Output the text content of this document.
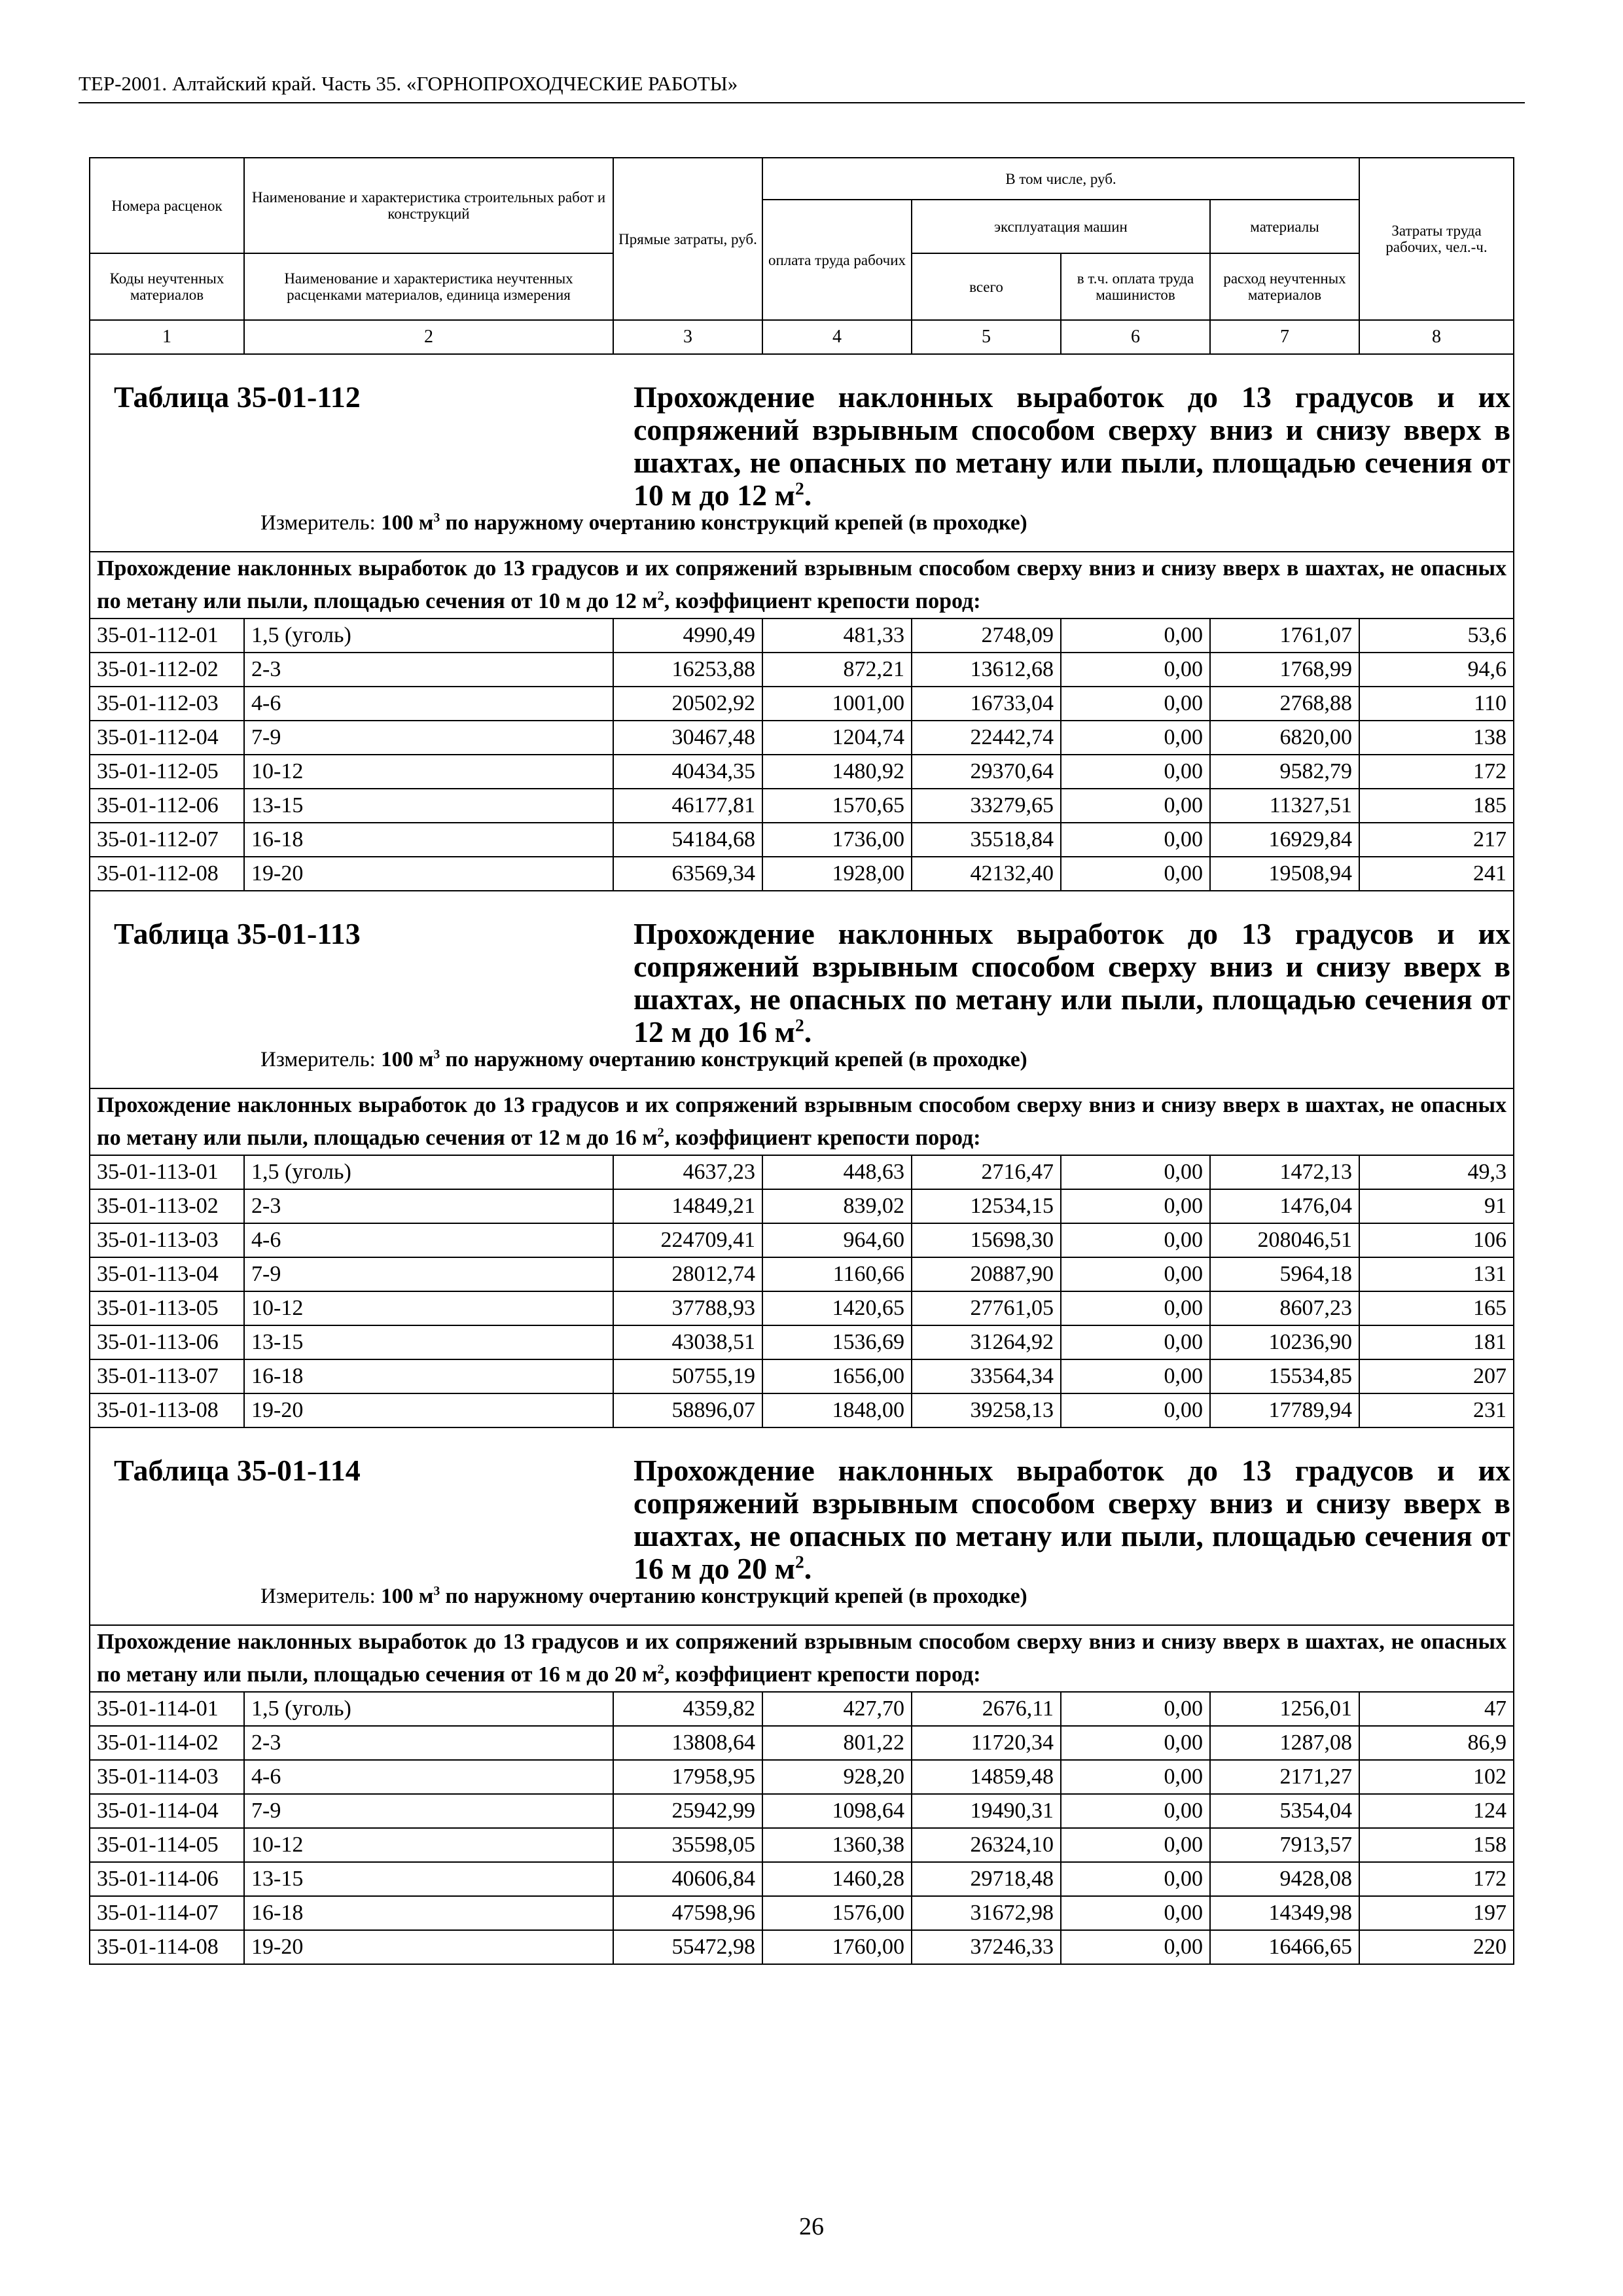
ТЕР-2001. Алтайский край. Часть 35. «ГОРНОПРОХОДЧЕСКИЕ РАБОТЫ»
Номера расценок	Наименование и характеристика строительных работ и конструкций	Прямые затраты, руб.	В том числе, руб.				Затраты труда рабочих, чел.-ч.
			оплата труда рабочих	эксплуатация машин		материалы	
Коды неучтенных материалов	Наименование и характеристика неучтенных расценками материалов, единица измерения			всего	в т.ч. оплата труда машинистов	расход неучтенных материалов	
1	2	3	4	5	6	7	8

Таблица 35-01-112 Прохождение наклонных выработок до 13 градусов и их сопряжений взрывным способом сверху вниз и снизу вверх в шахтах, не опасных по метану или пыли, площадью сечения от 10 м до 12 $м^2$.
Измеритель: 100 $м^3$ по наружному очертанию конструкций крепей (в проходке)							

Прохождение наклонных выработок до 13 градусов и их сопряжений взрывным способом сверху вниз и снизу вверх в шахтах, не опасных по метану или пыли, площадью сечения от 10 м до 12 $м^2$, коэффициент крепости пород:							
35-01-112-01	1,5 (уголь)	4990,49	481,33	2748,09	0,00	1761,07	53,6
35-01-112-02	2-3	16253,88	872,21	13612,68	0,00	1768,99	94,6
35-01-112-03	4-6	20502,92	1001,00	16733,04	0,00	2768,88	110
35-01-112-04	7-9	30467,48	1204,74	22442,74	0,00	6820,00	138
35-01-112-05	10-12	40434,35	1480,92	29370,64	0,00	9582,79	172
35-01-112-06	13-15	46177,81	1570,65	33279,65	0,00	11327,51	185
35-01-112-07	16-18	54184,68	1736,00	35518,84	0,00	16929,84	217
35-01-112-08	19-20	63569,34	1928,00	42132,40	0,00	19508,94	241

Таблица 35-01-113 Прохождение наклонных выработок до 13 градусов и их сопряжений взрывным способом сверху вниз и снизу вверх в шахтах, не опасных по метану или пыли, площадью сечения от 12 м до 16 $м^2$.
Измеритель: 100 $м^3$ по наружному очертанию конструкций крепей (в проходке)							

Прохождение наклонных выработок до 13 градусов и их сопряжений взрывным способом сверху вниз и снизу вверх в шахтах, не опасных по метану или пыли, площадью сечения от 12 м до 16 $м^2$, коэффициент крепости пород:							
35-01-113-01	1,5 (уголь)	4637,23	448,63	2716,47	0,00	1472,13	49,3
35-01-113-02	2-3	14849,21	839,02	12534,15	0,00	1476,04	91
35-01-113-03	4-6	224709,41	964,60	15698,30	0,00	208046,51	106
35-01-113-04	7-9	28012,74	1160,66	20887,90	0,00	5964,18	131
35-01-113-05	10-12	37788,93	1420,65	27761,05	0,00	8607,23	165
35-01-113-06	13-15	43038,51	1536,69	31264,92	0,00	10236,90	181
35-01-113-07	16-18	50755,19	1656,00	33564,34	0,00	15534,85	207
35-01-113-08	19-20	58896,07	1848,00	39258,13	0,00	17789,94	231

Таблица 35-01-114 Прохождение наклонных выработок до 13 градусов и их сопряжений взрывным способом сверху вниз и снизу вверх в шахтах, не опасных по метану или пыли, площадью сечения от 16 м до 20 $м^2$.
Измеритель: 100 $м^3$ по наружному очертанию конструкций крепей (в проходке)							

Прохождение наклонных выработок до 13 градусов и их сопряжений взрывным способом сверху вниз и снизу вверх в шахтах, не опасных по метану или пыли, площадью сечения от 16 м до 20 $м^2$, коэффициент крепости пород:							
35-01-114-01	1,5 (уголь)	4359,82	427,70	2676,11	0,00	1256,01	47
35-01-114-02	2-3	13808,64	801,22	11720,34	0,00	1287,08	86,9
35-01-114-03	4-6	17958,95	928,20	14859,48	0,00	2171,27	102
35-01-114-04	7-9	25942,99	1098,64	19490,31	0,00	5354,04	124
35-01-114-05	10-12	35598,05	1360,38	26324,10	0,00	7913,57	158
35-01-114-06	13-15	40606,84	1460,28	29718,48	0,00	9428,08	172
35-01-114-07	16-18	47598,96	1576,00	31672,98	0,00	14349,98	197
35-01-114-08	19-20	55472,98	1760,00	37246,33	0,00	16466,65	220
26
